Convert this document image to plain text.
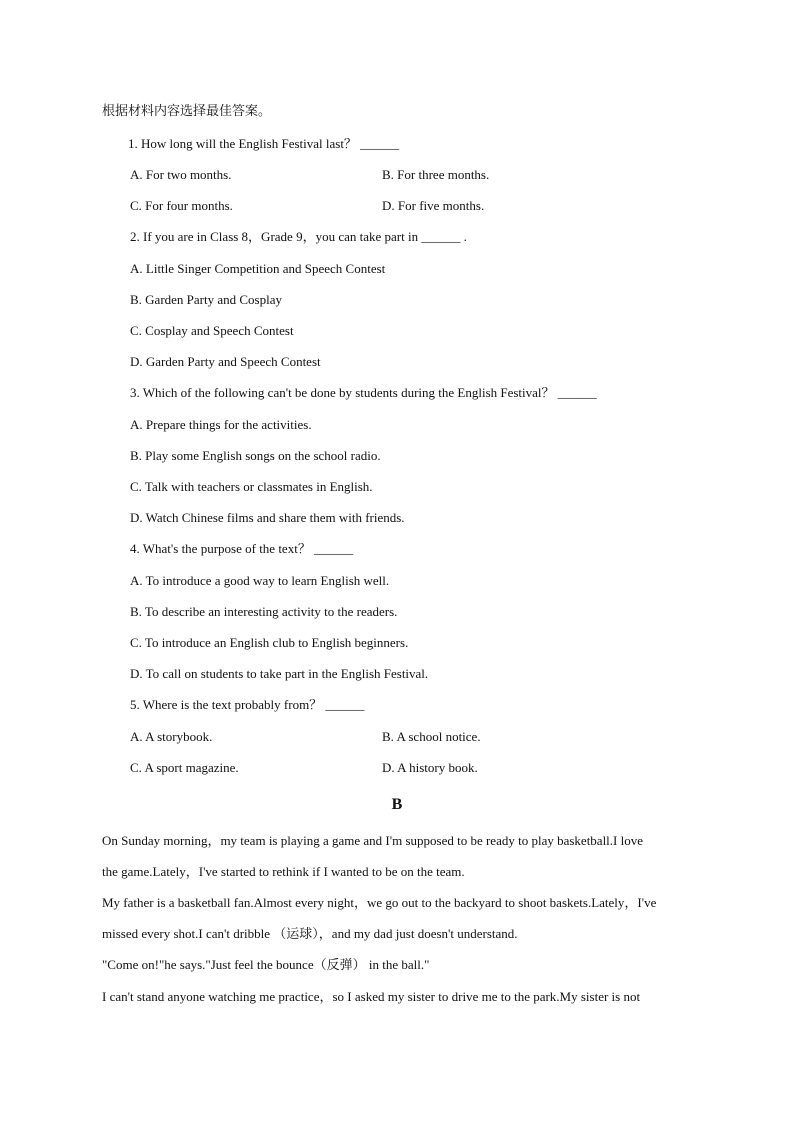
根据材料内容选择最佳答案。
1. How long will the English Festival last？ ______
A. For two months.	B. For three months.
C. For four months.	D. For five months.
2. If you are in Class 8，Grade 9，you can take part in ______ .
A. Little Singer Competition and Speech Contest
B. Garden Party and Cosplay
C. Cosplay and Speech Contest
D. Garden Party and Speech Contest
3. Which of the following can't be done by students during the English Festival？ ______
A. Prepare things for the activities.
B. Play some English songs on the school radio.
C. Talk with teachers or classmates in English.
D. Watch Chinese films and share them with friends.
4. What's the purpose of the text？ ______
A. To introduce a good way to learn English well.
B. To describe an interesting activity to the readers.
C. To introduce an English club to English beginners.
D. To call on students to take part in the English Festival.
5. Where is the text probably from？ ______
A. A storybook.	B. A school notice.
C. A sport magazine.	D. A history book.
B
On Sunday morning，my team is playing a game and I'm supposed to be ready to play basketball.I love
the game.Lately，I've started to rethink if I wanted to be on the team.
My father is a basketball fan.Almost every night，we go out to the backyard to shoot baskets.Lately，I've
missed every shot.I can't dribble （运球），and my dad just doesn't understand.
"Come on!"he says."Just feel the bounce（反弹） in the ball."
I can't stand anyone watching me practice，so I asked my sister to drive me to the park.My sister is not
